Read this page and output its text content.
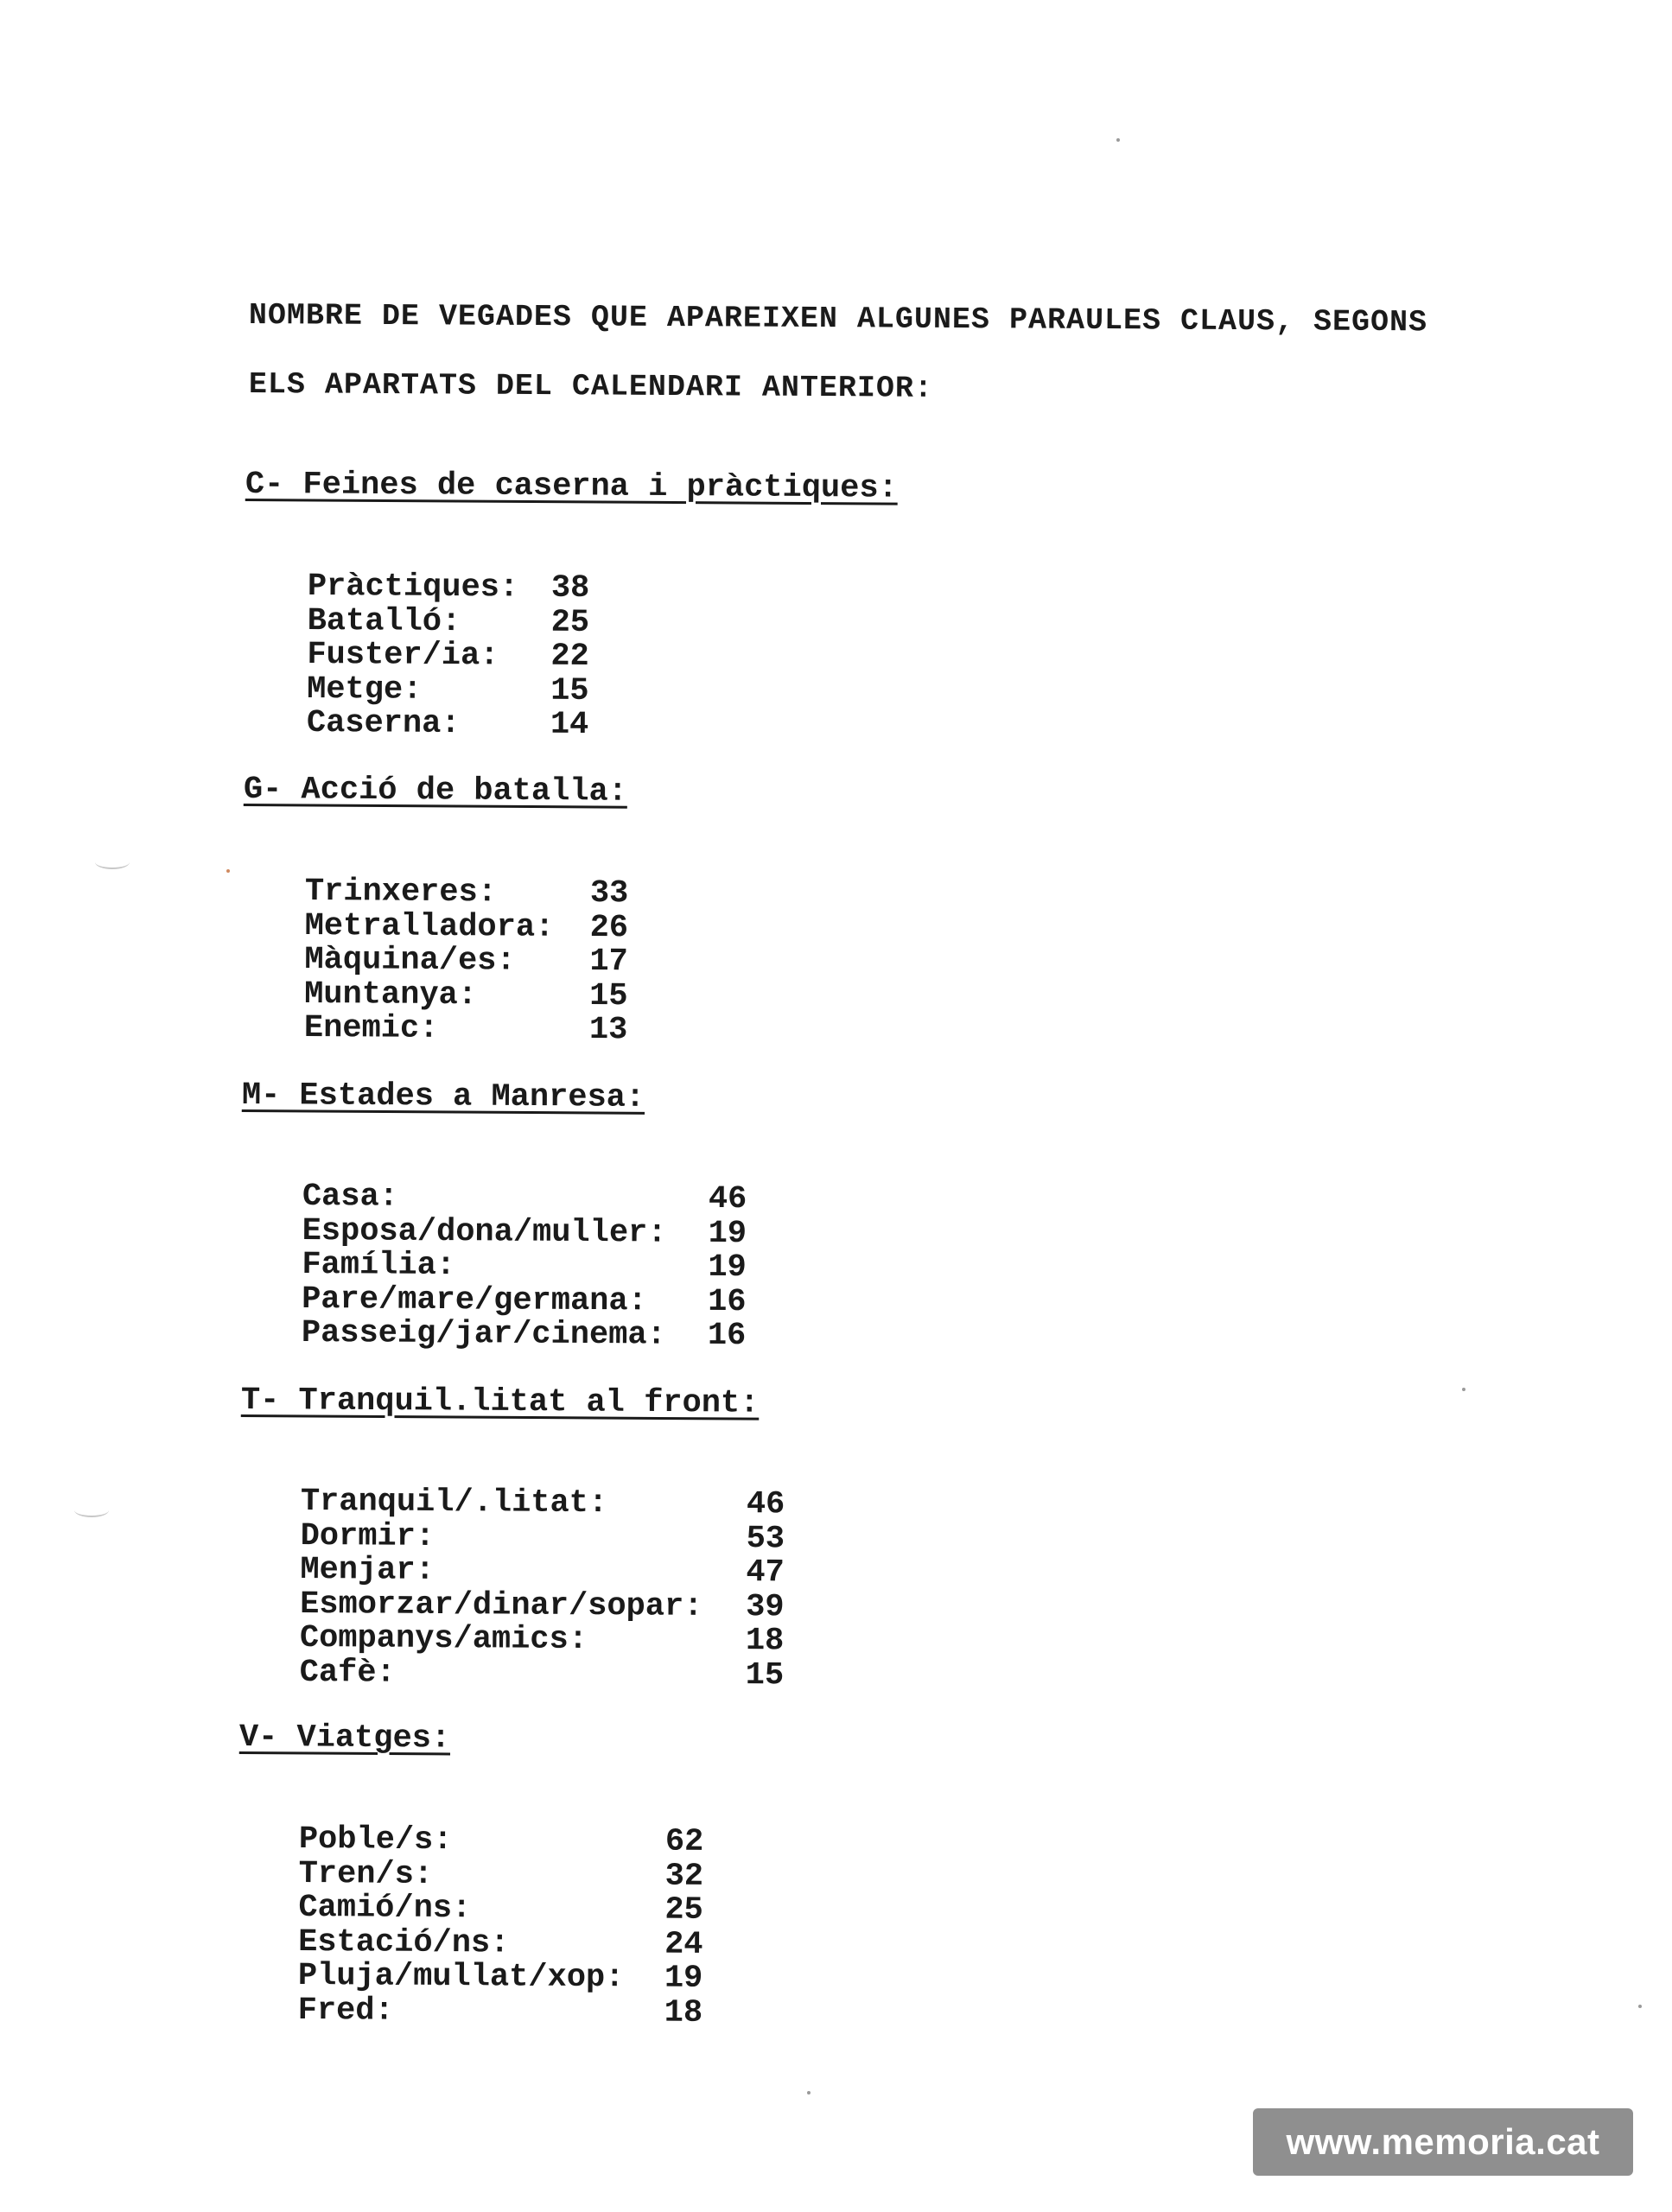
NOMBRE DE VEGADES QUE APAREIXEN ALGUNES PARAULES CLAUS, SEGONS
ELS APARTATS DEL CALENDARI ANTERIOR:
C- Feines de caserna i pràctiques:
Pràctiques:	38
Batalló:	25
Fuster/ia:	22
Metge:	15
Caserna:	14
G- Acció de batalla:
Trinxeres:	33
Metralladora:	26
Màquina/es:	17
Muntanya:	15
Enemic:	13
M- Estades a Manresa:
Casa:	46
Esposa/dona/muller:	19
Família:	19
Pare/mare/germana:	16
Passeig/jar/cinema:	16
T- Tranquil.litat al front:
Tranquil/.litat:	46
Dormir:	53
Menjar:	47
Esmorzar/dinar/sopar:	39
Companys/amics:	18
Cafè:	15
V- Viatges:
Poble/s:	62
Tren/s:	32
Camió/ns:	25
Estació/ns:	24
Pluja/mullat/xop:	19
Fred:	18
www.memoria.cat
